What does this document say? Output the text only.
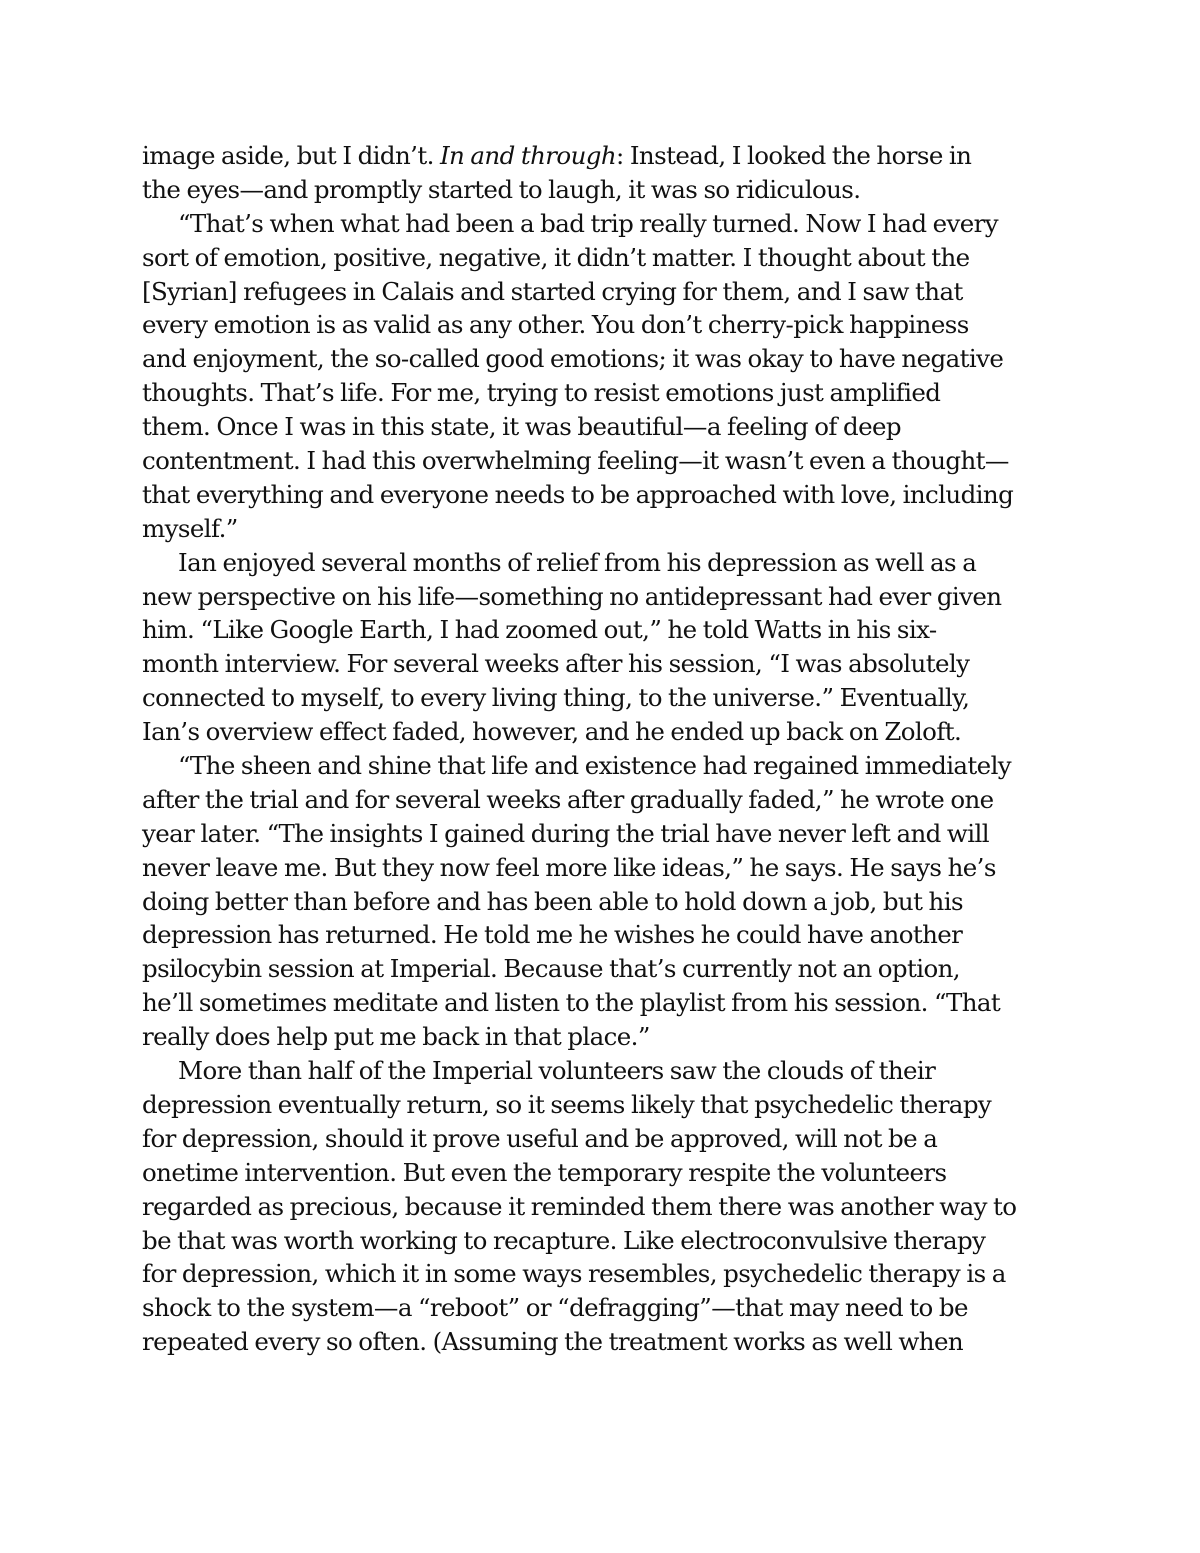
image aside, but I didn’t. In and through: Instead, I looked the horse in
the eyes—and promptly started to laugh, it was so ridiculous.
“That’s when what had been a bad trip really turned. Now I had every
sort of emotion, positive, negative, it didn’t matter. I thought about the
[Syrian] refugees in Calais and started crying for them, and I saw that
every emotion is as valid as any other. You don’t cherry-pick happiness
and enjoyment, the so-called good emotions; it was okay to have negative
thoughts. That’s life. For me, trying to resist emotions just amplified
them. Once I was in this state, it was beautiful—a feeling of deep
contentment. I had this overwhelming feeling—it wasn’t even a thought—
that everything and everyone needs to be approached with love, including
myself.”
Ian enjoyed several months of relief from his depression as well as a
new perspective on his life—something no antidepressant had ever given
him. “Like Google Earth, I had zoomed out,” he told Watts in his six-
month interview. For several weeks after his session, “I was absolutely
connected to myself, to every living thing, to the universe.” Eventually,
Ian’s overview effect faded, however, and he ended up back on Zoloft.
“The sheen and shine that life and existence had regained immediately
after the trial and for several weeks after gradually faded,” he wrote one
year later. “The insights I gained during the trial have never left and will
never leave me. But they now feel more like ideas,” he says. He says he’s
doing better than before and has been able to hold down a job, but his
depression has returned. He told me he wishes he could have another
psilocybin session at Imperial. Because that’s currently not an option,
he’ll sometimes meditate and listen to the playlist from his session. “That
really does help put me back in that place.”
More than half of the Imperial volunteers saw the clouds of their
depression eventually return, so it seems likely that psychedelic therapy
for depression, should it prove useful and be approved, will not be a
onetime intervention. But even the temporary respite the volunteers
regarded as precious, because it reminded them there was another way to
be that was worth working to recapture. Like electroconvulsive therapy
for depression, which it in some ways resembles, psychedelic therapy is a
shock to the system—a “reboot” or “defragging”—that may need to be
repeated every so often. (Assuming the treatment works as well when
